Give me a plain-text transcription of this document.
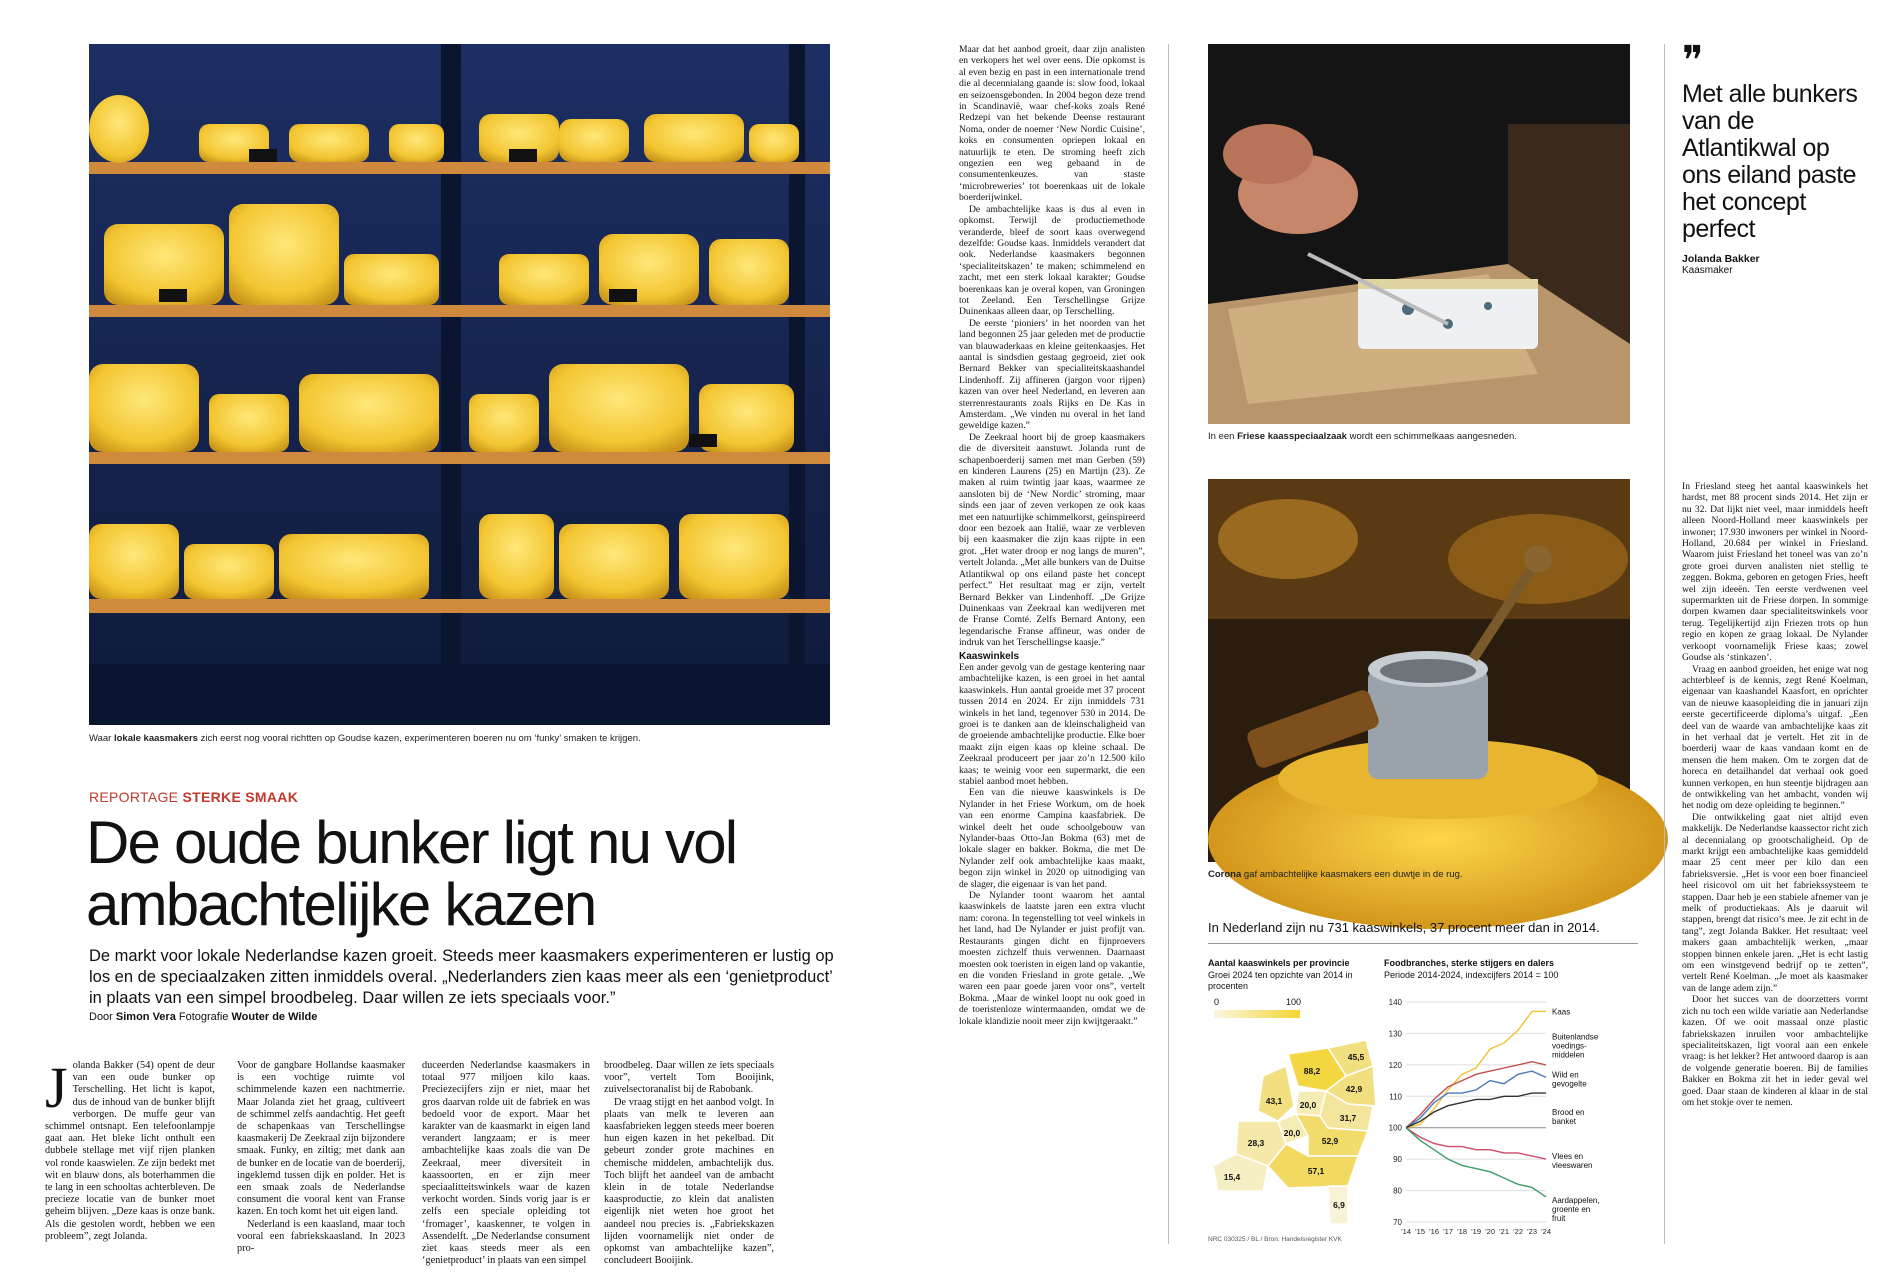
Waar lokale kaasmakers zich eerst nog vooral richtten op Goudse kazen, experimenteren boeren nu om ‘funky’ smaken te krijgen.
REPORTAGE STERKE SMAAK
De oude bunker ligt nu vol
ambachtelijke kazen
De markt voor lokale Nederlandse kazen groeit. Steeds meer kaasmakers experimenteren er lustig op los en de speciaalzaken zitten inmiddels overal. „Nederlanders zien kaas meer als een ‘genietproduct’ in plaats van een simpel broodbeleg. Daar willen ze iets speciaals voor.”
Door Simon Vera Fotografie Wouter de Wilde
Jolanda Bakker (54) opent de deur van een oude bunker op Terschelling. Het licht is kapot, dus de inhoud van de bunker blijft verborgen. De muffe geur van schimmel ontsnapt. Een telefoonlampje gaat aan. Het bleke licht onthult een dubbele stellage met vijf rijen planken vol ronde kaaswielen. Ze zijn bedekt met wit en blauw dons, als boterhammen die te lang in een schooltas achterbleven. De precieze locatie van de bunker moet geheim blijven. „Deze kaas is onze bank. Als die gestolen wordt, hebben we een probleem”, zegt Jolanda.

Voor de gangbare Hollandse kaasmaker is een vochtige ruimte vol schimmelende kazen een nachtmerrie. Maar Jolanda ziet het graag, cultiveert de schimmel zelfs aandachtig. Het geeft de schapenkaas van Terschellingse kaasmakerij De Zeekraal zijn bijzondere smaak. Funky, en ziltig; met dank aan de bunker en de locatie van de boerderij, ingeklemd tussen dijk en polder. Het is een smaak zoals de Nederlandse consument die vooral kent van Franse kazen. En toch komt het uit eigen land.

Nederland is een kaasland, maar toch vooral een fabriekskaasland. In 2023 pro-

duceerden Nederlandse kaasmakers in totaal 977 miljoen kilo kaas. Preciezecijfers zijn er niet, maar het gros daarvan rolde uit de fabriek en was bedoeld voor de export. Maar het karakter van de kaasmarkt in eigen land verandert langzaam; er is meer ambachtelijke kaas zoals die van De Zeekraal, meer diversiteit in kaassoorten, en er zijn meer speciaalitteitswinkels waar de kazen verkocht worden. Sinds vorig jaar is er zelfs een speciale opleiding tot ‘fromager’, kaaskenner, te volgen in Assendelft. „De Nederlandse consument ziet kaas steeds meer als een ‘genietproduct’ in plaats van een simpel

broodbeleg. Daar willen ze iets speciaals voor”, vertelt Tom Booijink, zuivelsectoranalist bij de Rabobank.

De vraag stijgt en het aanbod volgt. In plaats van melk te leveren aan kaasfabrieken leggen steeds meer boeren hun eigen kazen in het pekelbad. Dit gebeurt zonder grote machines en chemische middelen, ambachtelijk dus. Toch blijft het aandeel van de ambacht klein in de totale Nederlandse kaasproductie, zo klein dat analisten eigenlijk niet weten hoe groot het aandeel nou precies is. „Fabriekskazen lijden voornamelijk niet onder de opkomst van ambachtelijke kazen”, concludeert Booijink.

Maar dat het aanbod groeit, daar zijn analisten en verkopers het wel over eens. Die opkomst is al even bezig en past in een internationale trend die al decennialang gaande is: slow food, lokaal en seizoensgebonden. In 2004 begon deze trend in Scandinavië, waar chef-koks zoals René Redzepi van het bekende Deense restaurant Noma, onder de noemer ‘New Nordic Cuisine’, koks en consumenten opriepen lokaal en natuurlijk te eten. De stroming heeft zich ongezien een weg gebaand in de consumentenkeuzes. van staste ‘microbreweries’ tot boerenkaas uit de lokale boerderijwinkel.

De ambachtelijke kaas is dus al even in opkomst. Terwijl de productiemethode veranderde, bleef de soort kaas overwegend dezelfde: Goudse kaas. Inmiddels verandert dat ook. Nederlandse kaasmakers begonnen ‘specialiteitskazen’ te maken; schimmelend en zacht, met een sterk lokaal karakter; Goudse boerenkaas kan je overal kopen, van Groningen tot Zeeland. Een Terschellingse Grijze Duinenkaas alleen daar, op Terschelling.

De eerste ‘pioniers’ in het noorden van het land begonnen 25 jaar geleden met de productie van blauwaderkaas en kleine geitenkaasjes. Het aantal is sindsdien gestaag gegroeid, ziet ook Bernard Bekker van specialiteitskaashandel Lindenhoff. Zij affineren (jargon voor rijpen) kazen van over heel Nederland, en leveren aan sterrenrestaurants zoals Rijks en De Kas in Amsterdam. „We vinden nu overal in het land geweldige kazen.”

De Zeekraal hoort bij de groep kaasmakers die de diversiteit aanstuwt. Jolanda runt de schapenboerderij samen met man Gerben (59) en kinderen Laurens (25) en Martijn (23). Ze maken al ruim twintig jaar kaas, waarmee ze aansloten bij de ‘New Nordic’ stroming, maar sinds een jaar of zeven verkopen ze ook kaas met een natuurlijke schimmelkorst, geïnspireerd door een bezoek aan Italië, waar ze verbleven bij een kaasmaker die zijn kaas rijpte in een grot. „Het water droop er nog langs de muren”, vertelt Jolanda. „Met alle bunkers van de Duitse Atlantikwal op ons eiland paste het concept perfect.” Het resultaat mag er zijn, vertelt Bernard Bekker van Lindenhoff. „De Grijze Duinenkaas van Zeekraal kan wedijveren met de Franse Comté. Zelfs Bernard Antony, een legendarische Franse affineur, was onder de indruk van het Terschellingse kaasje.”

Kaaswinkels

Een ander gevolg van de gestage kentering naar ambachtelijke kazen, is een groei in het aantal kaaswinkels. Hun aantal groeide met 37 procent tussen 2014 en 2024. Er zijn inmiddels 731 winkels in het land, tegenover 530 in 2014. De groei is te danken aan de kleinschaligheid van de groeiende ambachtelijke productie. Elke boer maakt zijn eigen kaas op kleine schaal. De Zeekraal produceert per jaar zo’n 12.500 kilo kaas; te weinig voor een supermarkt, die een stabiel aanbod moet hebben.

Een van die nieuwe kaaswinkels is De Nylander in het Friese Workum, om de hoek van een enorme Campina kaasfabriek. De winkel deelt het oude schoolgebouw van Nylander-baas Otto-Jan Bokma (63) met de lokale slager en bakker. Bokma, die met De Nylander zelf ook ambachtelijke kaas maakt, begon zijn winkel in 2020 op uitnodiging van de slager, die eigenaar is van het pand.

De Nylander toont waarom het aantal kaaswinkels de laatste jaren een extra vlucht nam: corona. In tegenstelling tot veel winkels in het land, had De Nylander er juist profijt van. Restaurants gingen dicht en fijnproevers moesten zichzelf thuis verwennen. Daarnaast moesten ook toeristen in eigen land op vakantie, en die vonden Friesland in grote getale. „We waren een paar goede jaren voor ons”, vertelt Bokma. „Maar de winkel loopt nu ook goed in de toeristenloze wintermaanden, omdat we de lokale klandizie nooit meer zijn kwijtgeraakt.”

In een Friese kaasspeciaalzaak wordt een schimmelkaas aangesneden.
Corona gaf ambachtelijke kaasmakers een duwtje in de rug.
❞
Met alle bunkers van de Atlantikwal op ons eiland paste het concept perfect
Jolanda Bakker
Kaasmaker

In Friesland steeg het aantal kaaswinkels het hardst, met 88 procent sinds 2014. Het zijn er nu 32. Dat lijkt niet veel, maar inmiddels heeft alleen Noord-Holland meer kaaswinkels per inwoner; 17.930 inwoners per winkel in Noord-Holland, 20.684 per winkel in Friesland. Waarom juist Friesland het toneel was van zo’n grote groei durven analisten niet stellig te zeggen. Bokma, geboren en getogen Fries, heeft wel zijn ideeën. Ten eerste verdwenen veel supermarkten uit de Friese dorpen. In sommige dorpen kwamen daar specialiteitswinkels voor terug. Tegelijkertijd zijn Friezen trots op hun regio en kopen ze graag lokaal. De Nylander verkoopt voornamelijk Friese kaas; zowel Goudse als ‘stinkazen’.

Vraag en aanbod groeiden, het enige wat nog achterbleef is de kennis, zegt René Koelman, eigenaar van kaashandel Kaasfort, en oprichter van de nieuwe kaasopleiding die in januari zijn eerste gecertificeerde diploma’s uitgaf. „Een deel van de waarde van ambachtelijke kaas zit in het verhaal dat je vertelt. Het zit in de boerderij waar de kaas vandaan komt en de mensen die hem maken. Om te zorgen dat de horeca en detailhandel dat verhaal ook goed kunnen verkopen, en hun steentje bijdragen aan de ontwikkeling van het ambacht, vonden wij het nodig om deze opleiding te beginnen.”

Die ontwikkeling gaat niet altijd even makkelijk. De Nederlandse kaassector richt zich al decennialang op grootschaligheid. Op de markt krijgt een ambachtelijke kaas gemiddeld maar 25 cent meer per kilo dan een fabrieksversie. „Het is voor een boer financieel heel risicovol om uit het fabriekssysteem te stappen. Daar heb je een stabiele afnemer van je melk of productiekaas. Als je daaruit wil stappen, brengt dat risico’s mee. Je zit echt in de tang”, zegt Jolanda Bakker. Het resultaat: veel makers gaan ambachtelijk werken, „maar stoppen binnen enkele jaren. „Het is echt lastig om een winstgevend bedrijf op te zetten”, vertelt René Koelman. „Je moet als kaasmaker van de lange adem zijn.”

Door het succes van de doorzetters vormt zich nu toch een wilde variatie aan Nederlandse kazen. Of we ooit massaal onze plastic fabriekskazen inruilen voor ambachtelijke specialiteitskazen, ligt vooral aan een enkele vraag: is het lekker? Het antwoord daarop is aan de volgende generatie boeren. Bij de families Bakker en Bokma zit het in ieder geval wel goed. Daar staan de kinderen al klaar in de stal om het stokje over te nemen.

In Nederland zijn nu 731 kaaswinkels, 37 procent meer dan in 2014.
Aantal kaaswinkels per provincie
Groei 2024 ten opzichte van 2014 in procenten
Foodbranches, sterke stijgers en dalers
Periode 2014-2024, indexcijfers 2014 = 100
0	100
45,5
88,2
42,9
43,1 20,0
31,7
20,0
52,9
28,3
57,1
15,4
6,9
NRC 030325 / BL / Bron: Handelsregister KVK
70
80
90
100
110
120
130
140
’14 ’15 ’16 ’17 ’18 ’19 ’20 ’21 ’22 ’23 ’24
Kaas
Buitenlandse
voedings-
middelen
Wild en
gevogelte
Brood en
banket
Vlees en
vleeswaren
Aardappelen,
groente en
fruit
